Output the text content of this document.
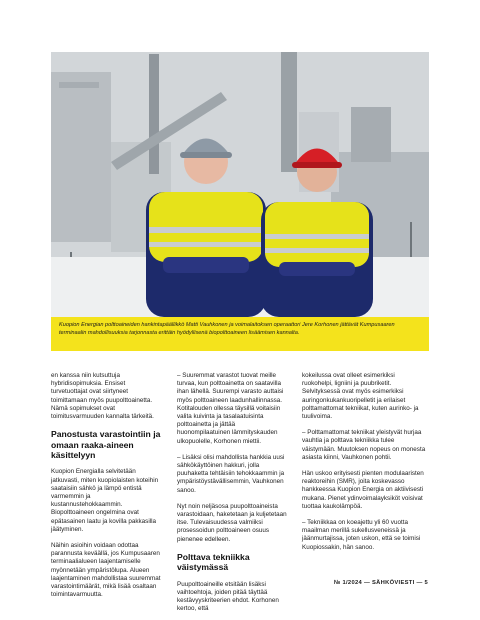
Kuopion Energian polttoaineiden hankintapäällikkö Matti Vauhkonen ja voimalaitoksen operaattori Jere Korhonen jättävät Kumpusaaren terminaalin mahdollisuuksia tarjonnasta erittäin hyödyllisenä biopolttoaineen lisäämisen kannalta.

en kanssa niin kutsuttuja hybridisopimuksia. Ensiset turvetuottajat ovat siirtyneet toimittamaan myös puupolttoainetta. Nämä sopimukset ovat toimitusvarmuuden kannalta tärkeitä.

Panostusta varastointiin ja omaan raaka-aineen käsittelyyn

Kuopion Energialla selvitetään jatkuvasti, miten kuopiolaisten koteihin saataisiin sähkö ja lämpö entistä varmemmin ja kustannustehokkaammin. Biopolttoaineen ongelmina ovat epätasainen laatu ja kovilla pakkasilla jäätyminen.

Näihin asioihin voidaan odottaa parannusta keväällä, jos Kumpusaaren terminaalialueen laajentamiselle myönnetään ympäristölupa. Alueen laajentaminen mahdollistaa suuremmat varastointimäärät, mikä lisää osaltaan toimintavarmuutta.

– Suuremmat varastot tuovat meille turvaa, kun polttoainetta on saatavilla ihan lähellä. Suurempi varasto auttaisi myös polttoaineen laadunhallinnassa. Kotitalouden ollessa täysillä voitaisiin valita kuivinta ja tasalaatuisinta polttoainetta ja jättää huonompilaatuinen lämmityskauden ulkopuolelle, Korhonen miettii.

– Lisäksi olisi mahdollista hankkia uusi sähkökäyttöinen hakkuri, jolla puuhaketta tehtäisiin tehokkaammin ja ympäristöystävällisemmin, Vauhkonen sanoo.

Nyt noin neljäsosa puupolttoaineista varastoidaan, haketetaan ja kuljetetaan itse. Tulevaisuudessa valmiiksi prosessoidun polttoaineen osuus pienenee edelleen.

Polttava tekniikka väistymässä

Puupolttoaineille etsitään lisäksi vaihtoehtoja, joiden pitää täyttää kestävyyskriteerien ehdot. Korhonen kertoo, että

kokeilussa ovat olleet esimerkiksi ruokohelpi, ligniini ja puubriketit. Selvityksessä ovat myös esimerkiksi auringonkukankuoripelletit ja erilaiset polttamattomat tekniikat, kuten aurinko- ja tuulivoima.

– Polttamattomat tekniikat yleistyvät hurjaa vauhtia ja polttava tekniikka tulee väistymään. Muutoksen nopeus on monesta asiasta kiinni, Vauhkonen pohtii.

Hän uskoo erityisesti pienten modulaaristen reaktoreihin (SMR), joita koskevasso hankkeessa Kuopion Energia on aktiivisesti mukana. Pienet ydinvoimalayksiköt voisivat tuottaa kaukolämpöä.

– Tekniikkaa on koeajettu yli 60 vuotta maailman merillä sukellusveneissä ja jäänmurtajissa, joten uskon, että se toimisi Kuopiossakin, hän sanoo.

№ 1/2024 — SÄHKÖVIESTI — 5
